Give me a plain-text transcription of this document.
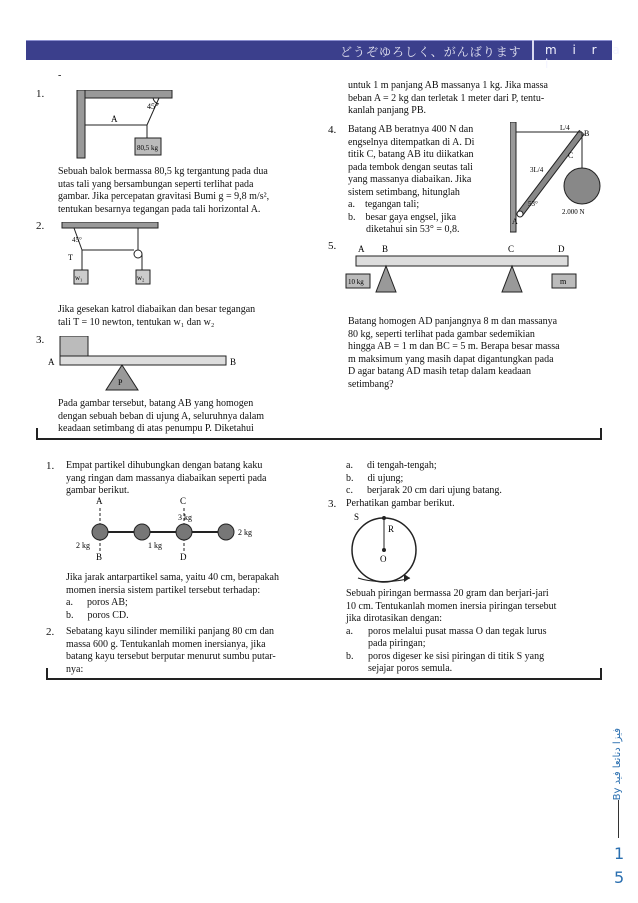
どうぞゆろしく、がんばります m i r a i
-
1.
45°
A
80,5 kg
Sebuah balok bermassa 80,5 kg tergantung pada dua
utas tali yang bersambungan seperti terlihat pada
gambar. Jika percepatan gravitasi Bumi g = 9,8 m/s²,
tentukan besarnya tegangan pada tali horizontal A.
2.
45°
T
w₁	w₂
Jika gesekan katrol diabaikan dan besar tegangan
tali T = 10 newton, tentukan w₁ dan w₂
3.
A	B
P
Pada gambar tersebut, batang AB yang homogen
dengan sebuah beban di ujung A, seluruhnya dalam
keadaan setimbang di atas penumpu P. Diketahui
untuk 1 m panjang AB massanya 1 kg. Jika massa
beban A = 2 kg dan terletak 1 meter dari P, tentu-
kanlah panjang PB.
4. Batang AB beratnya 400 N dan
engselnya ditempatkan di A. Di
titik C, batang AB itu diikatkan
pada tembok dengan seutas tali
yang massanya diabaikan. Jika
sistem setimbang, hitunglah
a. tegangan tali;
b. besar gaya engsel, jika
diketahui sin 53° = 0,8.
B
C
A
L/4
3L/4
53°
2.000 N
5. A B	C	D
10 kg	m
Batang homogen AD panjangnya 8 m dan massanya
80 kg, seperti terlihat pada gambar sedemikian
hingga AB = 1 m dan BC = 5 m. Berapa besar massa
m maksimum yang masih dapat digantungkan pada
D agar batang AD masih tetap dalam keadaan
setimbang?
1. Empat partikel dihubungkan dengan batang kaku
yang ringan dam massanya diabaikan seperti pada
gambar berikut.
A	C
B	D
2 kg	1 kg
3 kg
2 kg
Jika jarak antarpartikel sama, yaitu 40 cm, berapakah
momen inersia sistem partikel tersebut terhadap:
a. poros AB;
b. poros CD.
2. Sebatang kayu silinder memiliki panjang 80 cm dan
massa 600 g. Tentukanlah momen inersianya, jika
batang kayu tersebut berputar menurut sumbu putar-
nya:
a. di tengah-tengah;
b. di ujung;
c. berjarak 20 cm dari ujung batang.
3. Perhatikan gambar berikut.
S
R
O
Sebuah piringan bermassa 20 gram dan berjari-jari
10 cm. Tentukanlah momen inersia piringan tersebut
jika dirotasikan dengan:
a. poros melalui pusat massa O dan tegak lurus
pada piringan;
b. poros digeser ke sisi piringan di titik S yang
sejajar poros semula.
By فيزا دناتعا فيد
1
5
